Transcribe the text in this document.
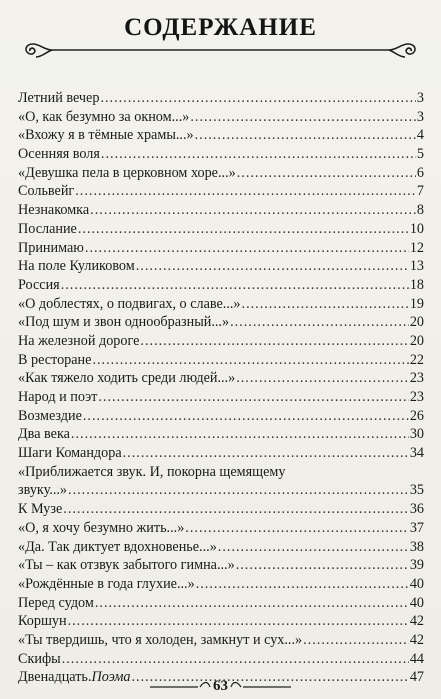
СОДЕРЖАНИЕ
Летний вечер .....	3
«О, как безумно за окном...» .....	3
«Вхожу я в тёмные храмы...» .....	4
Осенняя воля .....	5
«Девушка пела в церковном хоре...» .....	6
Сольвейг .....	7
Незнакомка .....	8
Послание .....	10
Принимаю .....	12
На поле Куликовом .....	13
Россия .....	18
«О доблестях, о подвигах, о славе...» .....	19
«Под шум и звон однообразный...» .....	20
На железной дороге .....	20
В ресторане .....	22
«Как тяжело ходить среди людей...» .....	23
Народ и поэт .....	23
Возмездие .....	26
Два века .....	30
Шаги Командора .....	34
«Приближается звук. И, покорна щемящему
звуку...» .....	35
К Музе .....	36
«О, я хочу безумно жить...» .....	37
«Да. Так диктует вдохновенье...» .....	38
«Ты – как отзвук забытого гимна...» .....	39
«Рождённые в года глухие...» .....	40
Перед судом .....	40
Коршун .....	42
«Ты твердишь, что я холоден, замкнут и сух...» .....	42
Скифы .....	44
Двенадцать. Поэма .....	47
63
